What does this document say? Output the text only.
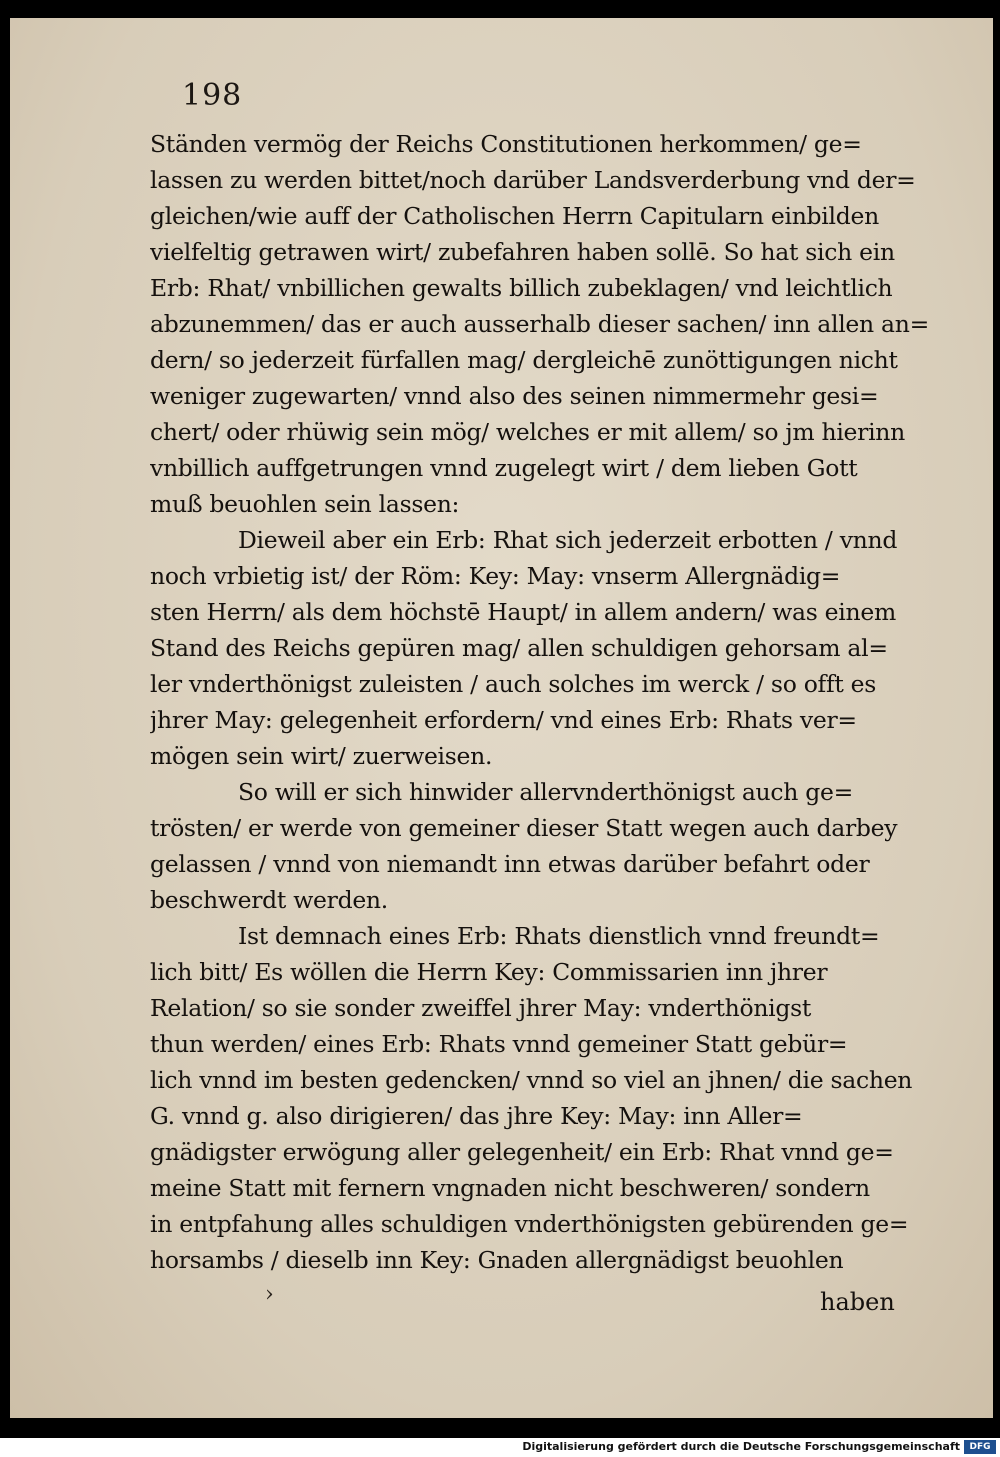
198
Ständen vermög der Reichs Constitutionen herkommen/ ge=
lassen zu werden bittet/noch darüber Landsverderbung vnd der=
gleichen/wie auff der Catholischen Herrn Capitularn einbilden
vielfeltig getrawen wirt/ zubefahren haben sollē. So hat sich ein
Erb: Rhat/ vnbillichen gewalts billich zubeklagen/ vnd leichtlich
abzunemmen/ das er auch ausserhalb dieser sachen/ inn allen an=
dern/ so jederzeit fürfallen mag/ dergleichē zunöttigungen nicht
weniger zugewarten/ vnnd also des seinen nimmermehr gesi=
chert/ oder rhüwig sein mög/ welches er mit allem/ so jm hierinn
vnbillich auffgetrungen vnnd zugelegt wirt / dem lieben Gott
muß beuohlen sein lassen:
Dieweil aber ein Erb: Rhat sich jederzeit erbotten / vnnd
noch vrbietig ist/ der Röm: Key: May: vnserm Allergnädig=
sten Herrn/ als dem höchstē Haupt/ in allem andern/ was einem
Stand des Reichs gepüren mag/ allen schuldigen gehorsam al=
ler vnderthönigst zuleisten / auch solches im werck / so offt es
jhrer May: gelegenheit erfordern/ vnd eines Erb: Rhats ver=
mögen sein wirt/ zuerweisen.
So will er sich hinwider allervnderthönigst auch ge=
trösten/ er werde von gemeiner dieser Statt wegen auch darbey
gelassen / vnnd von niemandt inn etwas darüber befahrt oder
beschwerdt werden.
Ist demnach eines Erb: Rhats dienstlich vnnd freundt=
lich bitt/ Es wöllen die Herrn Key: Commissarien inn jhrer
Relation/ so sie sonder zweiffel jhrer May: vnderthönigst
thun werden/ eines Erb: Rhats vnnd gemeiner Statt gebür=
lich vnnd im besten gedencken/ vnnd so viel an jhnen/ die sachen
G. vnnd g. also dirigieren/ das jhre Key: May: inn Aller=
gnädigster erwögung aller gelegenheit/ ein Erb: Rhat vnnd ge=
meine Statt mit fernern vngnaden nicht beschweren/ sondern
in entpfahung alles schuldigen vnderthönigsten gebürenden ge=
horsambs / dieselb inn Key: Gnaden allergnädigst beuohlen
›	haben
Digitalisierung gefördert durch die Deutsche Forschungsgemeinschaft	DFG
